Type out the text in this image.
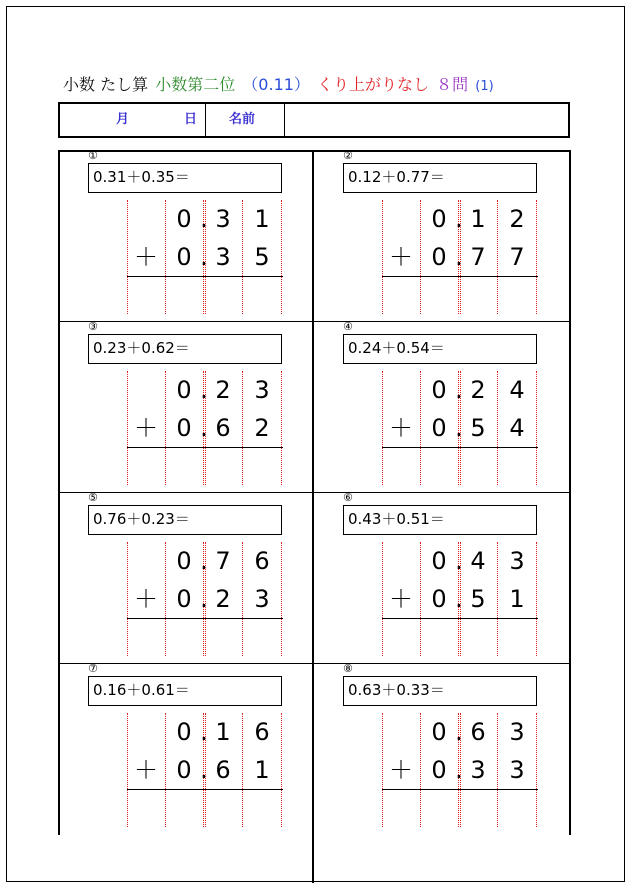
小数 たし算 小数第二位 （0.11） くり上がりなし ８問 (1)
月	日 名前
①
0.31＋0.35＝
0 . 3 1
＋ 0 . 3 5
②
0.12＋0.77＝
0 . 1 2
＋ 0 . 7 7
③
0.23＋0.62＝
0 . 2 3
＋ 0 . 6 2
④
0.24＋0.54＝
0 . 2 4
＋ 0 . 5 4
⑤
0.76＋0.23＝
0 . 7 6
＋ 0 . 2 3
⑥
0.43＋0.51＝
0 . 4 3
＋ 0 . 5 1
⑦
0.16＋0.61＝
0 . 1 6
＋ 0 . 6 1
⑧
0.63＋0.33＝
0 . 6 3
＋ 0 . 3 3
